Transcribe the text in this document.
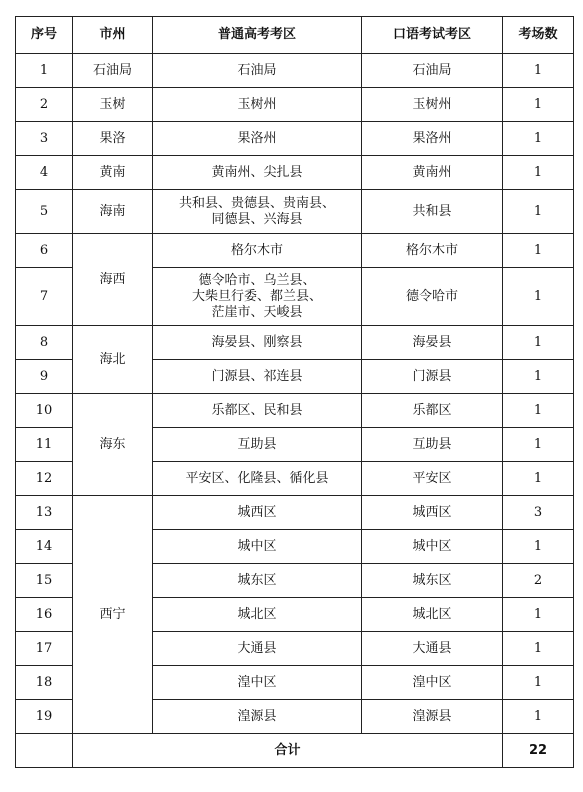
序号	市州	普通高考考区	口语考试考区	考场数
1	石油局	石油局	石油局	1
2	玉树	玉树州	玉树州	1
3	果洛	果洛州	果洛州	1
4	黄南	黄南州、尖扎县	黄南州	1
5	海南	共和县、贵德县、贵南县、
同德县、兴海县	共和县	1
6	海西	格尔木市	格尔木市	1
7		德令哈市、乌兰县、
大柴旦行委、都兰县、
茫崖市、天峻县	德令哈市	1
8	海北	海晏县、刚察县	海晏县	1
9		门源县、祁连县	门源县	1
10	海东	乐都区、民和县	乐都区	1
11		互助县	互助县	1
12		平安区、化隆县、循化县	平安区	1
13	西宁	城西区	城西区	3
14		城中区	城中区	1
15		城东区	城东区	2
16		城北区	城北区	1
17		大通县	大通县	1
18		湟中区	湟中区	1
19		湟源县	湟源县	1
	合计			22
